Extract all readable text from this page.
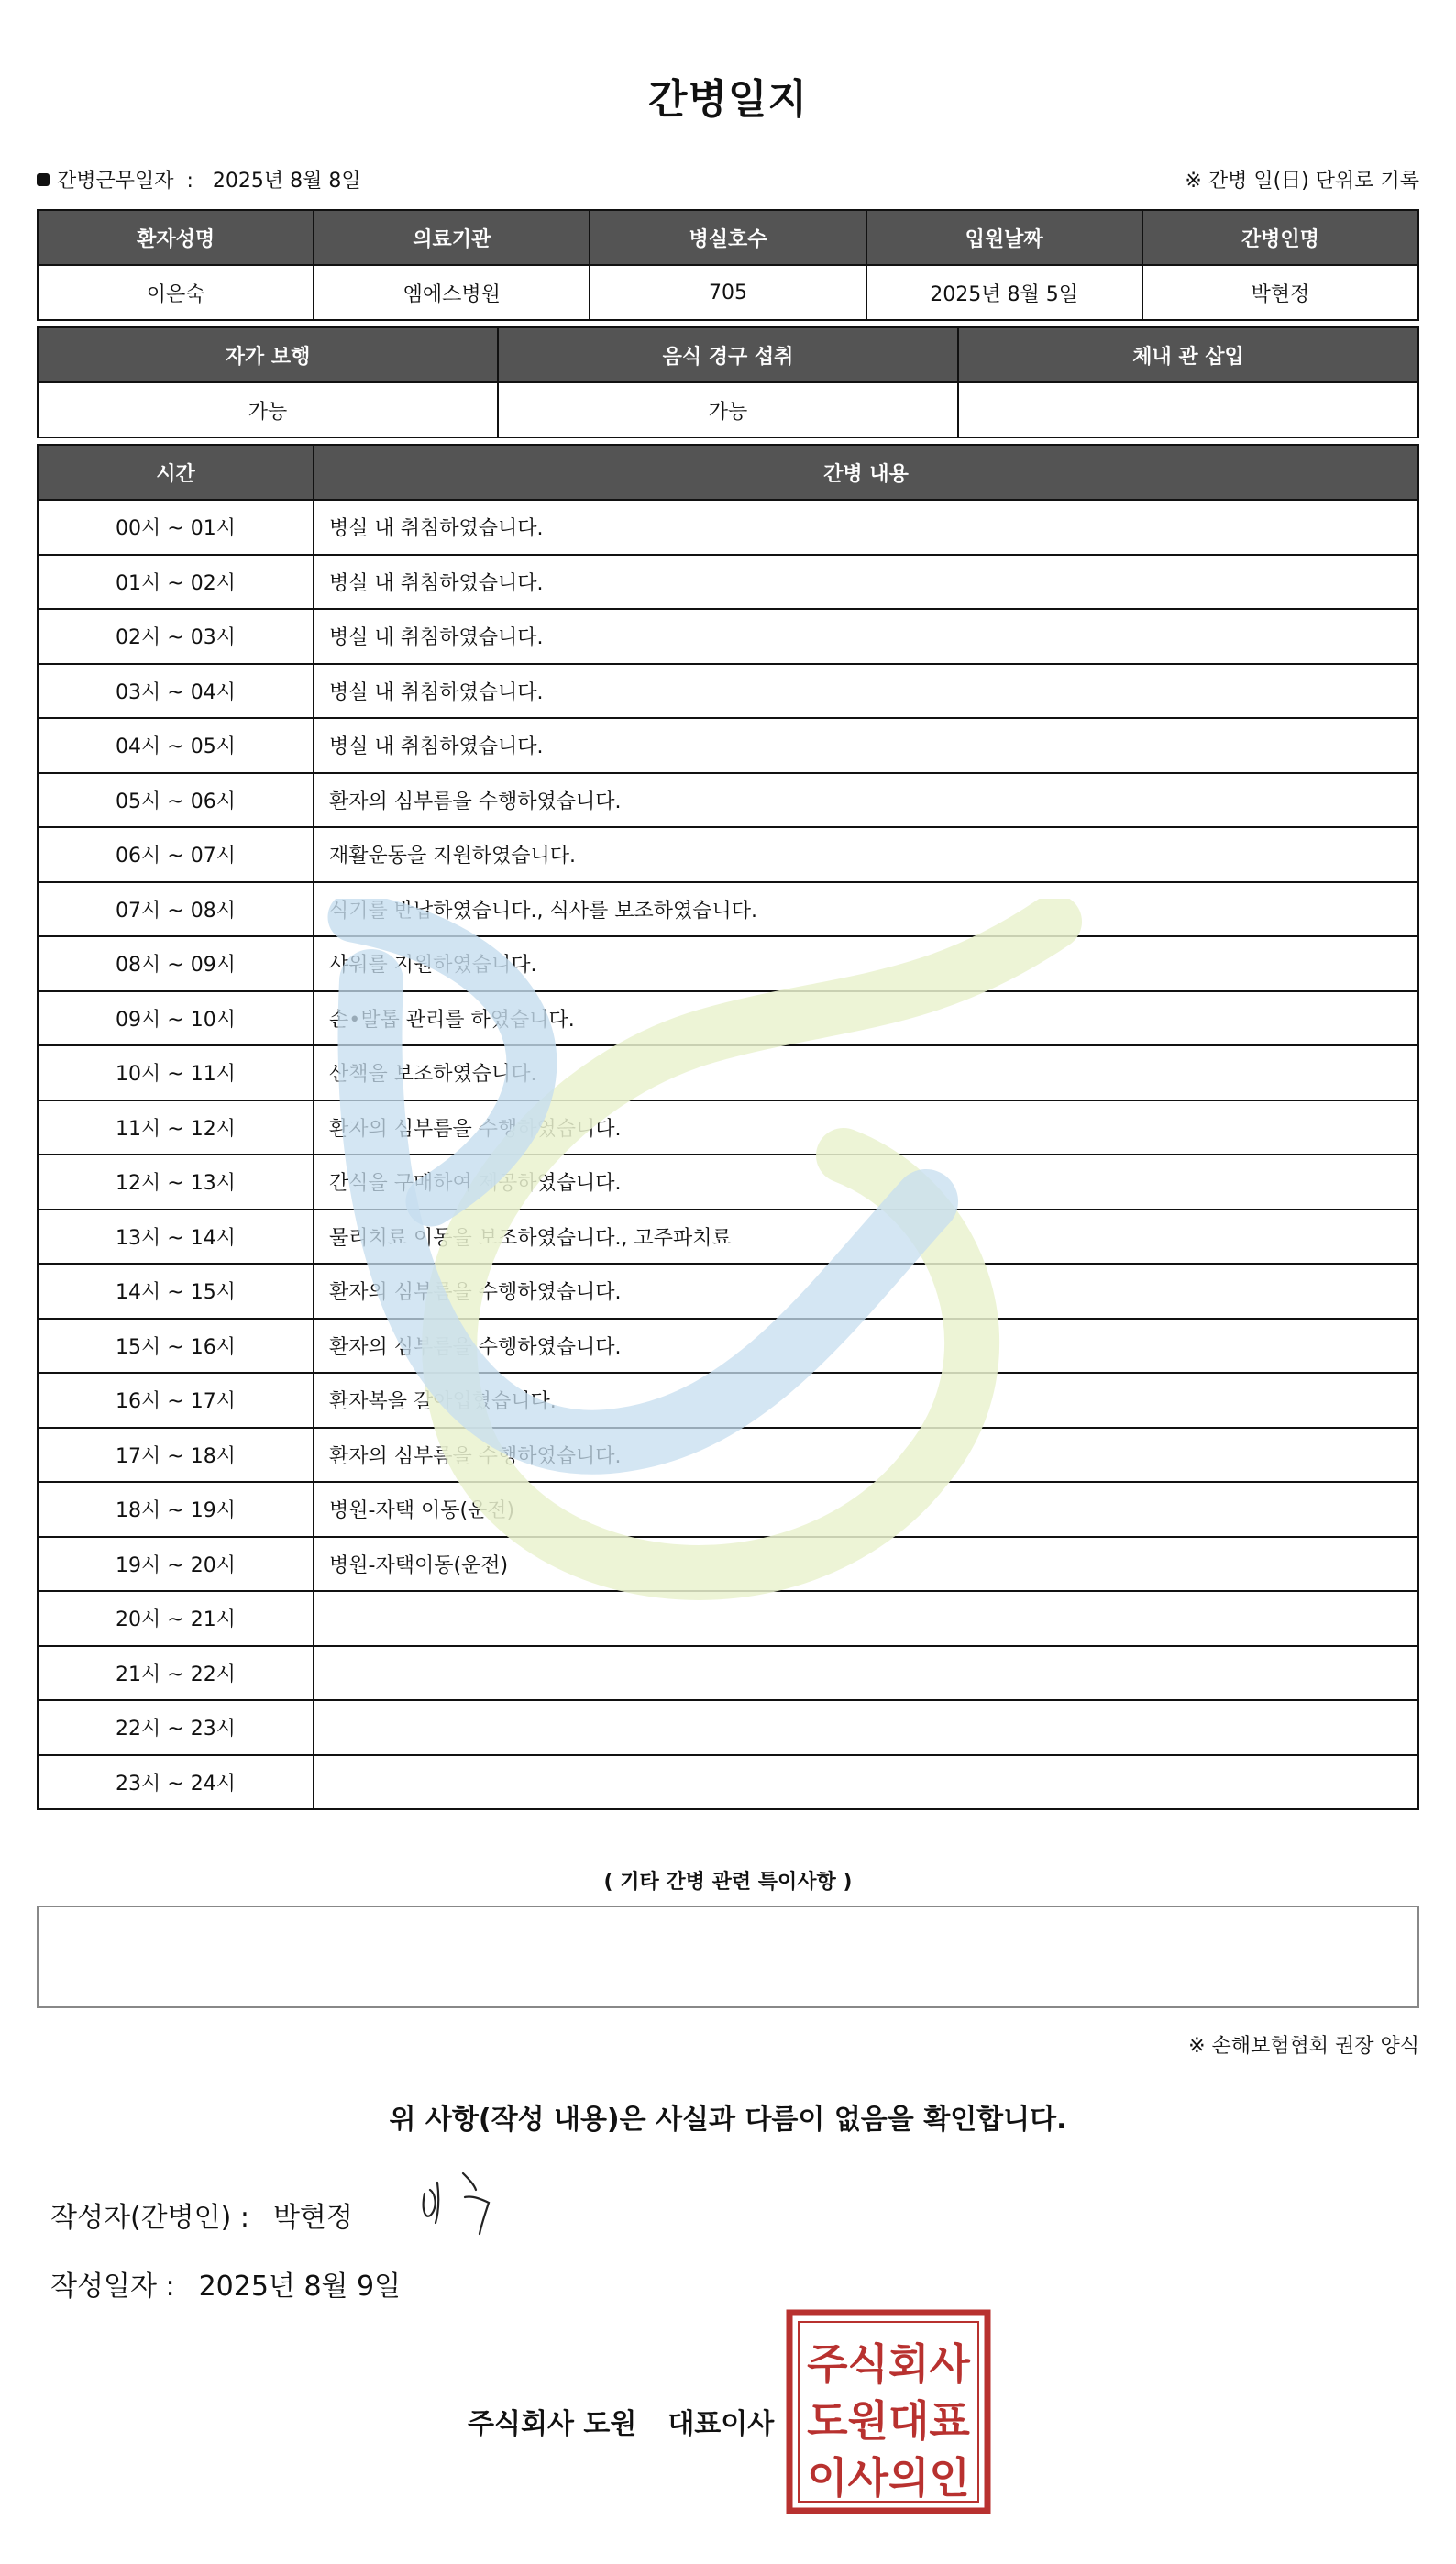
간병일지
간병근무일자 : 2025년 8월 8일	※ 간병 일(日) 단위로 기록
환자성명	의료기관	병실호수	입원날짜	간병인명
이은숙	엠에스병원	705	2025년 8월 5일	박현정
자가 보행	음식 경구 섭취	체내 관 삽입
가능	가능	
시간	간병 내용
00시 ~ 01시	병실 내 취침하였습니다.
01시 ~ 02시	병실 내 취침하였습니다.
02시 ~ 03시	병실 내 취침하였습니다.
03시 ~ 04시	병실 내 취침하였습니다.
04시 ~ 05시	병실 내 취침하였습니다.
05시 ~ 06시	환자의 심부름을 수행하였습니다.
06시 ~ 07시	재활운동을 지원하였습니다.
07시 ~ 08시	식기를 반납하였습니다., 식사를 보조하였습니다.
08시 ~ 09시	샤워를 지원하였습니다.
09시 ~ 10시	손•발톱 관리를 하였습니다.
10시 ~ 11시	산책을 보조하였습니다.
11시 ~ 12시	환자의 심부름을 수행하였습니다.
12시 ~ 13시	간식을 구매하여 제공하였습니다.
13시 ~ 14시	물리치료 이동을 보조하였습니다., 고주파치료
14시 ~ 15시	환자의 심부름을 수행하였습니다.
15시 ~ 16시	환자의 심부름을 수행하였습니다.
16시 ~ 17시	환자복을 갈아입혔습니다.
17시 ~ 18시	환자의 심부름을 수행하였습니다.
18시 ~ 19시	병원-자택 이동(운전)
19시 ~ 20시	병원-자택이동(운전)
20시 ~ 21시	
21시 ~ 22시	
22시 ~ 23시	
23시 ~ 24시	
( 기타 간병 관련 특이사항 )
※ 손해보험협회 권장 양식
위 사항(작성 내용)은 사실과 다름이 없음을 확인합니다.
작성자(간병인) : 박현정
작성일자 : 2025년 8월 9일
주식회사 도원 대표이사
주식회사
도원대표
이사의인
